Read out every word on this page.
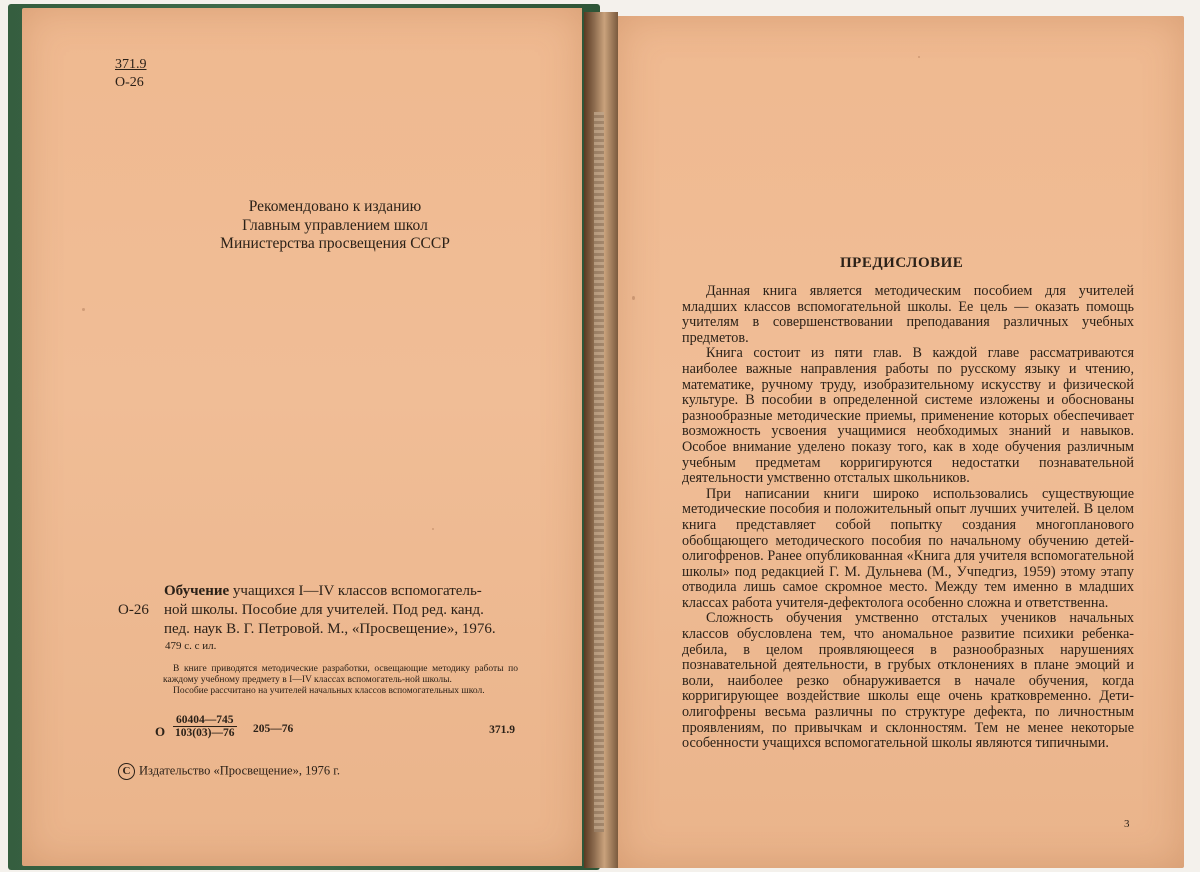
371.9
О-26
Рекомендовано к изданию
Главным управлением школ
Министерства просвещения СССР
Обучение учащихся I—IV классов вспомогатель-
ной школы. Пособие для учителей. Под ред. канд.
пед. наук В. Г. Петровой. М., «Просвещение», 1976.
О-26
479 с. с ил.

В книге приводятся методические разработки, освещающие методику работы по каждому учебному предмету в I—IV классах вспомогатель-ной школы.

Пособие рассчитано на учителей начальных классов вспомогательных школ.

О $\frac{60404—745}{103(03)—76}$ 205—76	371.9
C Издательство «Просвещение», 1976 г.
ПРЕДИСЛОВИЕ

Данная книга является методическим пособием для учителей младших классов вспомогательной школы. Ее цель — оказать помощь учителям в совершенствовании преподавания различных учебных предметов.

Книга состоит из пяти глав. В каждой главе рассматриваются наиболее важные направления работы по русскому языку и чтению, математике, ручному труду, изобразительному искусству и физической культуре. В пособии в определенной системе изложены и обоснованы разнообразные методические приемы, применение которых обеспечивает возможность усвоения учащимися необходимых знаний и навыков. Особое внимание уделено показу того, как в ходе обучения различным учебным предметам корригируются недостатки познавательной деятельности умственно отсталых школьников.

При написании книги широко использовались существующие методические пособия и положительный опыт лучших учителей. В целом книга представляет собой попытку создания многопланового обобщающего методического пособия по начальному обучению детей-олигофренов. Ранее опубликованная «Книга для учителя вспомогательной школы» под редакцией Г. М. Дульнева (М., Учпедгиз, 1959) этому этапу отводила лишь самое скромное место. Между тем именно в младших классах работа учителя-дефектолога особенно сложна и ответственна.

Сложность обучения умственно отсталых учеников начальных классов обусловлена тем, что аномальное развитие психики ребенка-дебила, в целом проявляющееся в разнообразных нарушениях познавательной деятельности, в грубых отклонениях в плане эмоций и воли, наиболее резко обнаруживается в начале обучения, когда корригирующее воздействие школы еще очень кратковременно. Дети-олигофрены весьма различны по структуре дефекта, по личностным проявлениям, по привычкам и склонностям. Тем не менее некоторые особенности учащихся вспомогательной школы являются типичными.

3
